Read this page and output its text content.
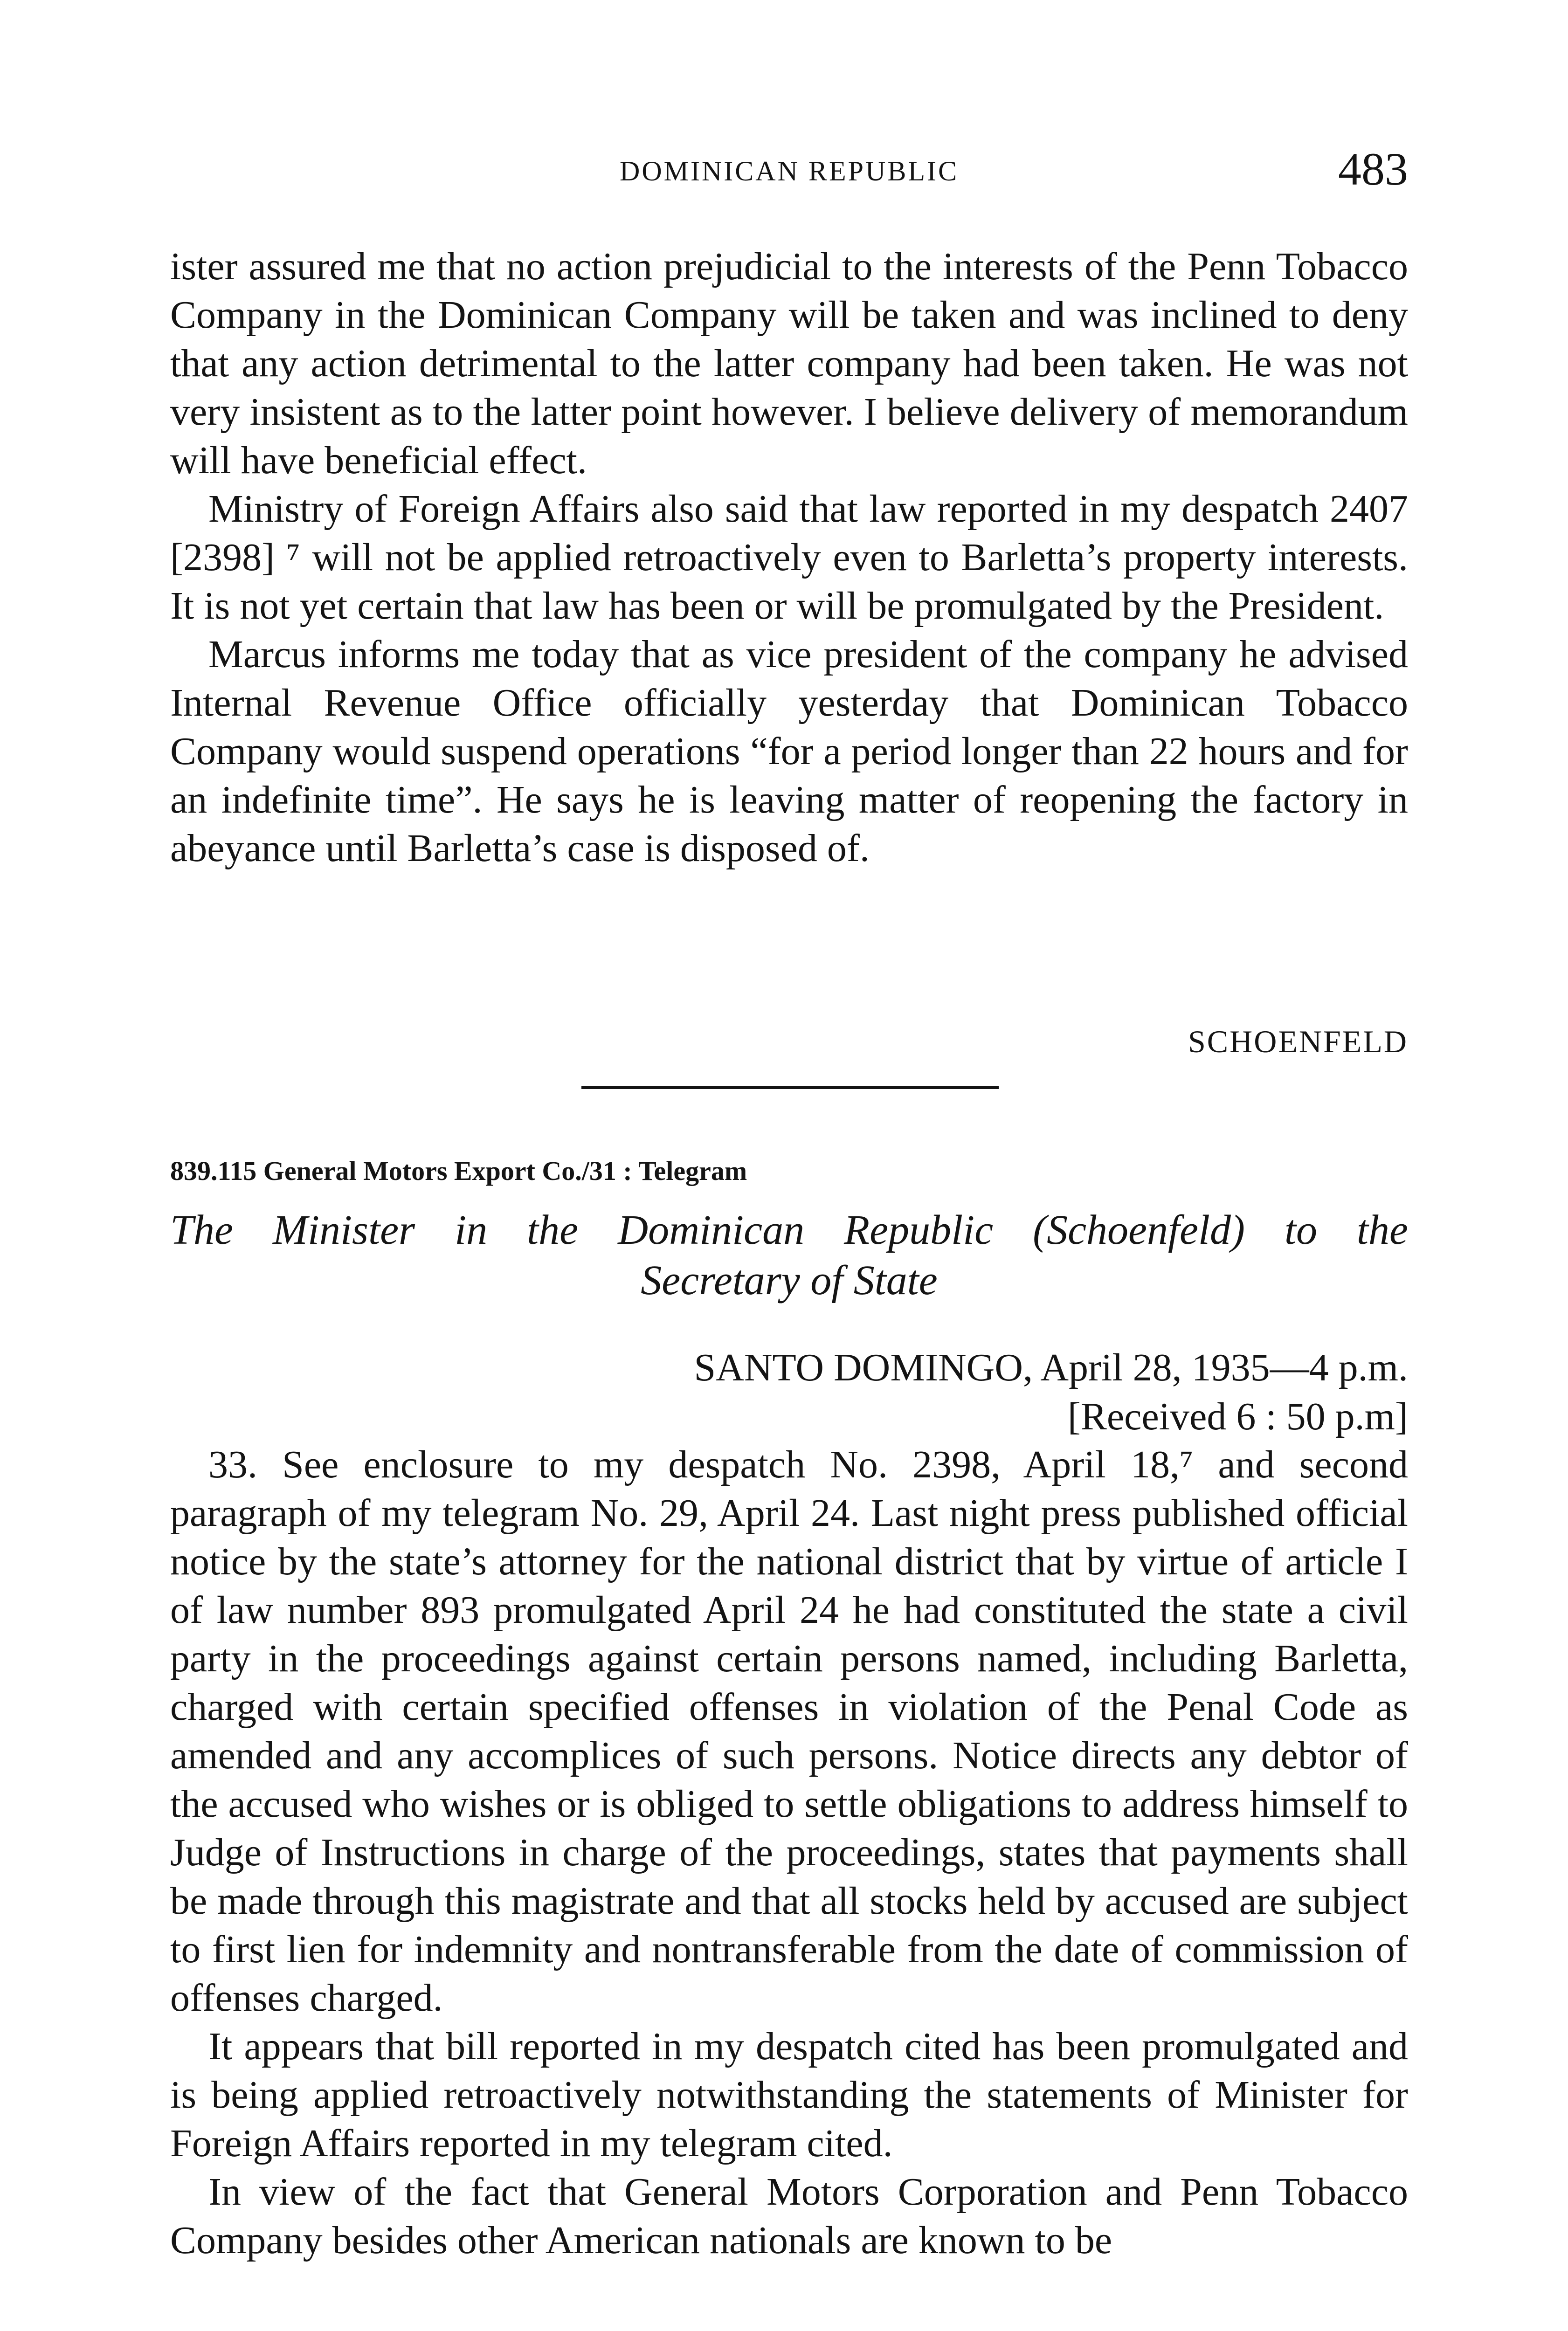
DOMINICAN REPUBLIC	483

ister assured me that no action prejudicial to the interests of the Penn Tobacco Company in the Dominican Company will be taken and was inclined to deny that any action detrimental to the latter company had been taken. He was not very insistent as to the latter point however. I believe delivery of memorandum will have beneficial effect.

Ministry of Foreign Affairs also said that law reported in my despatch 2407 [2398] ⁷ will not be applied retroactively even to Barletta’s property interests. It is not yet certain that law has been or will be promulgated by the President.

Marcus informs me today that as vice president of the company he advised Internal Revenue Office officially yesterday that Dominican Tobacco Company would suspend operations “for a period longer than 22 hours and for an indefinite time”. He says he is leaving matter of reopening the factory in abeyance until Barletta’s case is disposed of.

SCHOENFELD
839.115 General Motors Export Co./31 : Telegram
The Minister in the Dominican Republic (Schoenfeld) to the
Secretary of State
SANTO DOMINGO, April 28, 1935—4 p.m.
[Received 6 : 50 p.m]

33. See enclosure to my despatch No. 2398, April 18,⁷ and second paragraph of my telegram No. 29, April 24. Last night press published official notice by the state’s attorney for the national district that by virtue of article I of law number 893 promulgated April 24 he had constituted the state a civil party in the proceedings against certain persons named, including Barletta, charged with certain specified offenses in violation of the Penal Code as amended and any accomplices of such persons. Notice directs any debtor of the accused who wishes or is obliged to settle obligations to address himself to Judge of Instructions in charge of the proceedings, states that payments shall be made through this magistrate and that all stocks held by accused are subject to first lien for indemnity and nontransferable from the date of commission of offenses charged.

It appears that bill reported in my despatch cited has been promulgated and is being applied retroactively notwithstanding the statements of Minister for Foreign Affairs reported in my telegram cited.

In view of the fact that General Motors Corporation and Penn Tobacco Company besides other American nationals are known to be
